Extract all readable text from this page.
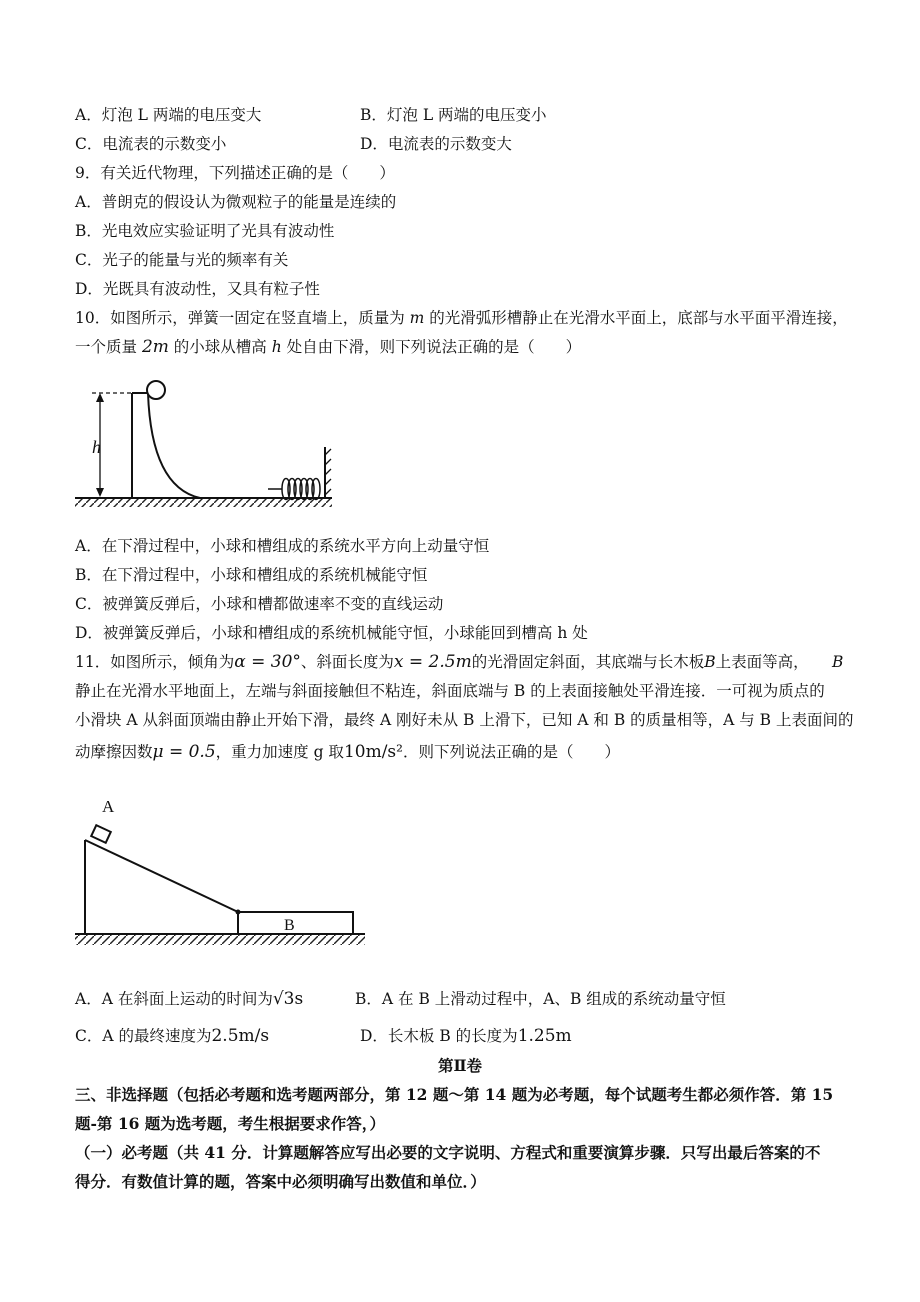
A．灯泡 L 两端的电压变大	B．灯泡 L 两端的电压变小
C．电流表的示数变小	D．电流表的示数变大
9．有关近代物理，下列描述正确的是（　　）
A．普朗克的假设认为微观粒子的能量是连续的
B．光电效应实验证明了光具有波动性
C．光子的能量与光的频率有关
D．光既具有波动性，又具有粒子性
10．如图所示，弹簧一固定在竖直墙上，质量为 m 的光滑弧形槽静止在光滑水平面上，底部与水平面平滑连接，
一个质量 2m 的小球从槽高 h 处自由下滑，则下列说法正确的是（　　）
h
A．在下滑过程中，小球和槽组成的系统水平方向上动量守恒
B．在下滑过程中，小球和槽组成的系统机械能守恒
C．被弹簧反弹后，小球和槽都做速率不变的直线运动
D．被弹簧反弹后，小球和槽组成的系统机械能守恒，小球能回到槽高 h 处
11．如图所示，倾角为α = 30°、斜面长度为x = 2.5m的光滑固定斜面，其底端与长木板B上表面等高， B
静止在光滑水平地面上，左端与斜面接触但不粘连，斜面底端与 B 的上表面接触处平滑连接．一可视为质点的
小滑块 A 从斜面顶端由静止开始下滑，最终 A 刚好未从 B 上滑下，已知 A 和 B 的质量相等，A 与 B 上表面间的
动摩擦因数μ = 0.5，重力加速度 g 取10m/s²．则下列说法正确的是（　　）
A
B
A．A 在斜面上运动的时间为√3s	B．A 在 B 上滑动过程中，A、B 组成的系统动量守恒
C．A 的最终速度为2.5m/s	D．长木板 B 的长度为1.25m
第Ⅱ卷
三、非选择题（包括必考题和选考题两部分，第 12 题～第 14 题为必考题，每个试题考生都必须作答．第 15
题-第 16 题为选考题，考生根据要求作答，）
（一）必考题（共 41 分．计算题解答应写出必要的文字说明、方程式和重要演算步骤．只写出最后答案的不
得分．有数值计算的题，答案中必须明确写出数值和单位．）
